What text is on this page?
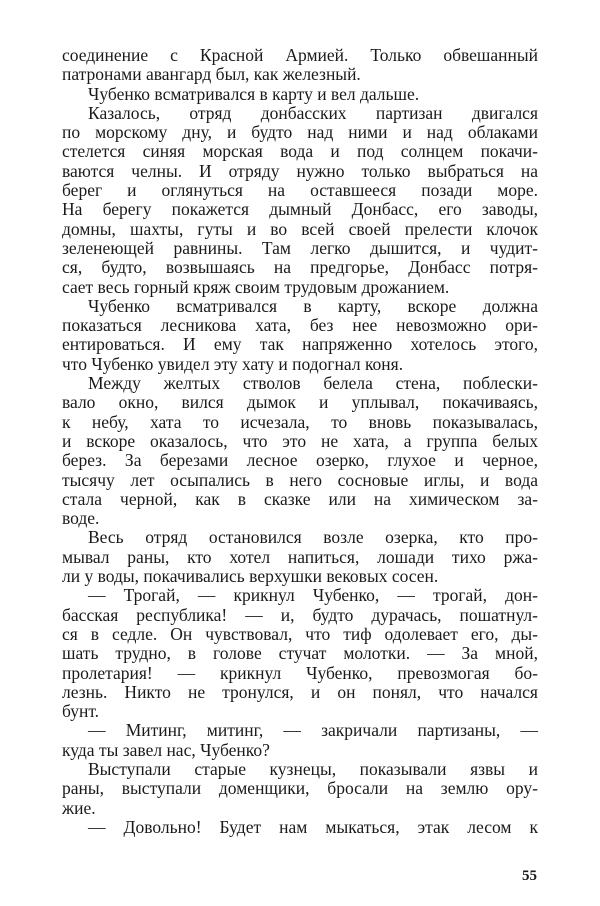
соединение с Красной Армией. Только обвешанный
патронами авангард был, как железный.
Чубенко всматривался в карту и вел дальше.
Казалось, отряд донбасских партизан двигался
по морскому дну, и будто над ними и над облаками
стелется синяя морская вода и под солнцем покачи-
ваются челны. И отряду нужно только выбраться на
берег и оглянуться на оставшееся позади море.
На берегу покажется дымный Донбасс, его заводы,
домны, шахты, гуты и во всей своей прелести клочок
зеленеющей равнины. Там легко дышится, и чудит-
ся, будто, возвышаясь на предгорье, Донбасс потря-
сает весь горный кряж своим трудовым дрожанием.
Чубенко всматривался в карту, вскоре должна
показаться лесникова хата, без нее невозможно ори-
ентироваться. И ему так напряженно хотелось этого,
что Чубенко увидел эту хату и подогнал коня.
Между желтых стволов белела стена, поблески-
вало окно, вился дымок и уплывал, покачиваясь,
к небу, хата то исчезала, то вновь показывалась,
и вскоре оказалось, что это не хата, а группа белых
берез. За березами лесное озерко, глухое и черное,
тысячу лет осыпались в него сосновые иглы, и вода
стала черной, как в сказке или на химическом за-
воде.
Весь отряд остановился возле озерка, кто про-
мывал раны, кто хотел напиться, лошади тихо ржа-
ли у воды, покачивались верхушки вековых сосен.
— Трогай, — крикнул Чубенко, — трогай, дон-
басская республика! — и, будто дурачась, пошатнул-
ся в седле. Он чувствовал, что тиф одолевает его, ды-
шать трудно, в голове стучат молотки. — За мной,
пролетария! — крикнул Чубенко, превозмогая бо-
лезнь. Никто не тронулся, и он понял, что начался
бунт.
— Митинг, митинг, — закричали партизаны, —
куда ты завел нас, Чубенко?
Выступали старые кузнецы, показывали язвы и
раны, выступали доменщики, бросали на землю ору-
жие.
— Довольно! Будет нам мыкаться, этак лесом к
55
